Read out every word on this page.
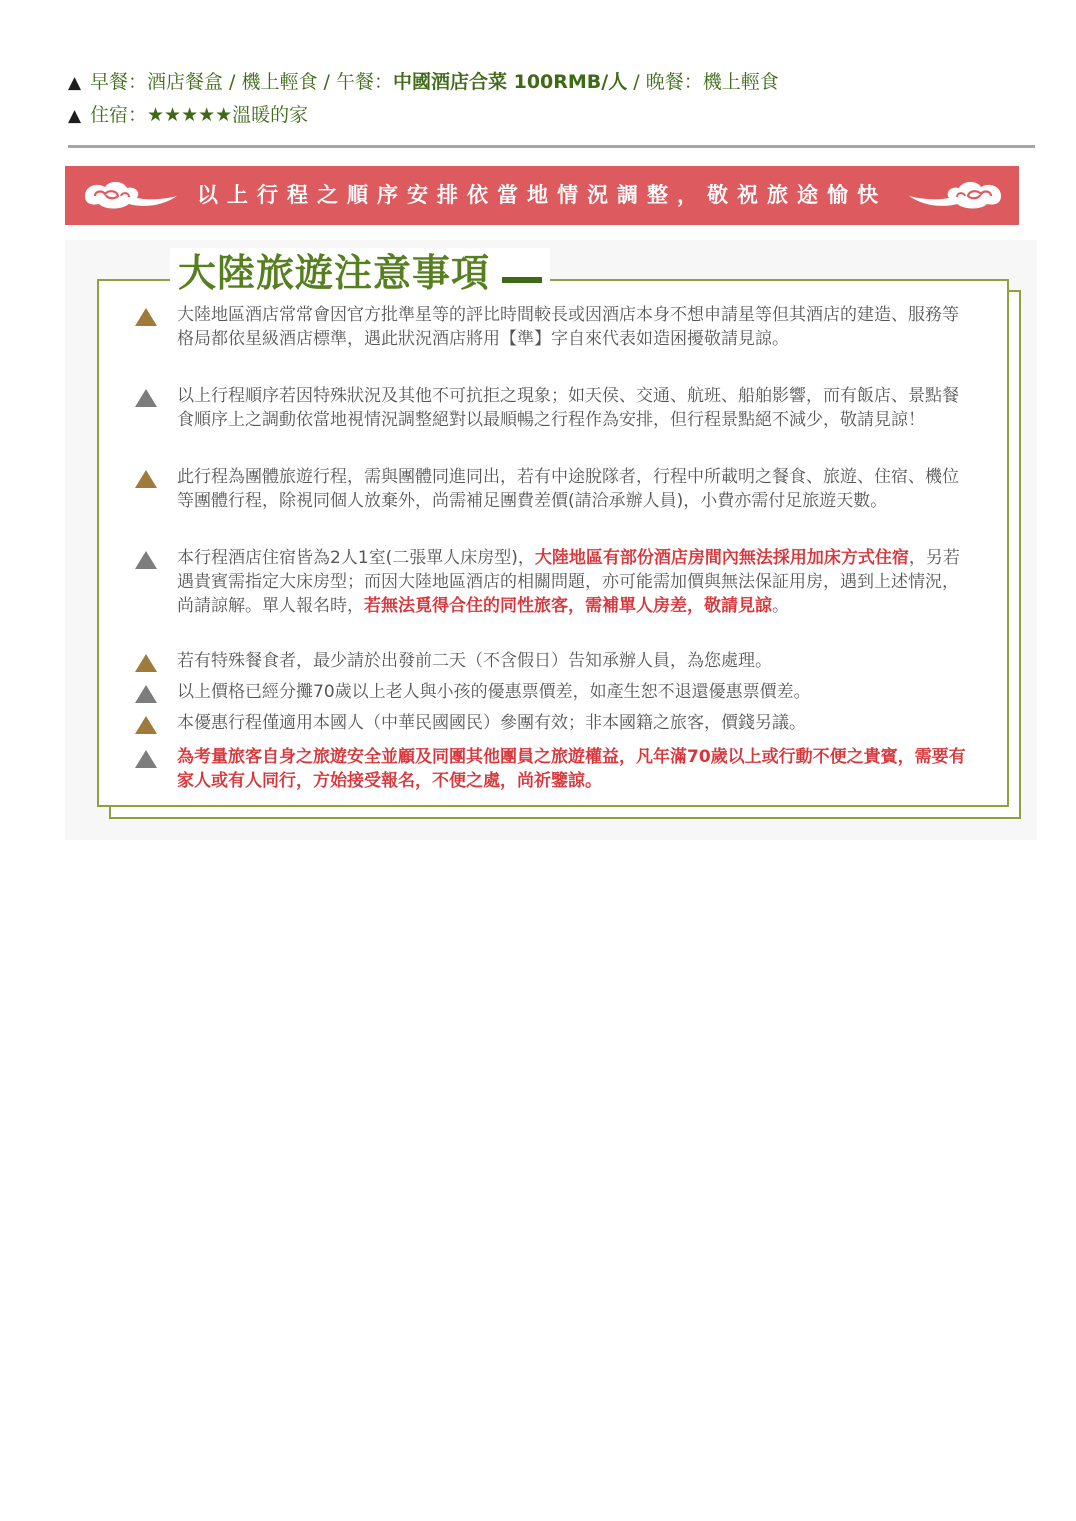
▲ 早餐：酒店餐盒 / 機上輕食 / 午餐：中國酒店合菜 100RMB/人 / 晚餐：機上輕食
▲ 住宿：★★★★★溫暖的家
以上行程之順序安排依當地情況調整，敬祝旅途愉快
大陸旅遊注意事項
大陸地區酒店常常會因官方批準星等的評比時間較長或因酒店本身不想申請星等但其酒店的建造、服務等格局都依星級酒店標準，遇此狀況酒店將用【準】字自來代表如造困擾敬請見諒。
以上行程順序若因特殊狀況及其他不可抗拒之現象；如天侯、交通、航班、船舶影響，而有飯店、景點餐食順序上之調動依當地視情況調整絕對以最順暢之行程作為安排，但行程景點絕不減少，敬請見諒！
此行程為團體旅遊行程，需與團體同進同出，若有中途脫隊者，行程中所載明之餐食、旅遊、住宿、機位等團體行程，除視同個人放棄外，尚需補足團費差價(請洽承辦人員)，小費亦需付足旅遊天數。
本行程酒店住宿皆為2人1室(二張單人床房型)，大陸地區有部份酒店房間內無法採用加床方式住宿，另若遇貴賓需指定大床房型；而因大陸地區酒店的相關問題，亦可能需加價與無法保証用房，遇到上述情況，尚請諒解。單人報名時，若無法覓得合住的同性旅客，需補單人房差，敬請見諒。
若有特殊餐食者，最少請於出發前二天（不含假日）告知承辦人員，為您處理。
以上價格已經分攤70歲以上老人與小孩的優惠票價差，如產生恕不退還優惠票價差。
本優惠行程僅適用本國人（中華民國國民）參團有效；非本國籍之旅客，價錢另議。
為考量旅客自身之旅遊安全並顧及同團其他團員之旅遊權益，凡年滿70歲以上或行動不便之貴賓，需要有家人或有人同行，方始接受報名，不便之處，尚祈鑒諒。
